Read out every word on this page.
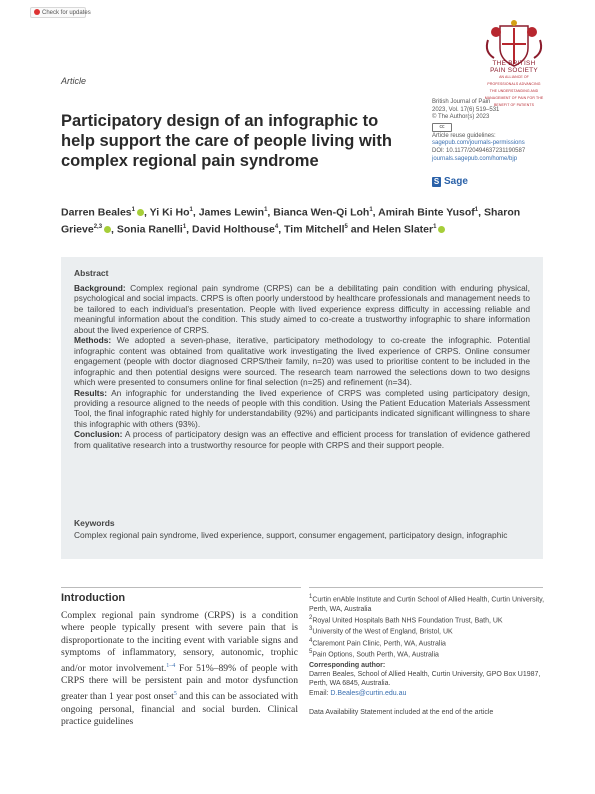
Check for updates
THE BRITISH
PAIN SOCIETY
AN ALLIANCE OF PROFESSIONALS ADVANCING THE UNDERSTANDING AND MANAGEMENT OF PAIN FOR THE BENEFIT OF PATIENTS
Article
Participatory design of an infographic to help support the care of people living with complex regional pain syndrome
British Journal of Pain
2023, Vol. 17(6) 519–531
© The Author(s) 2023
cc
Article reuse guidelines:
sagepub.com/journals-permissions
DOI: 10.1177/20494637231190587
journals.sagepub.com/home/bjp
S Sage
Darren Beales$^1$ , Yi Ki Ho$^1$, James Lewin$^1$, Bianca Wen-Qi Loh$^1$, Amirah Binte Yusof$^1$, Sharon Grieve$^{2,3}$ , Sonia Ranelli$^1$, David Holthouse$^4$, Tim Mitchell$^5$ and Helen Slater$^1$
Abstract

Background: Complex regional pain syndrome (CRPS) can be a debilitating pain condition with enduring physical, psychological and social impacts. CRPS is often poorly understood by healthcare professionals and management needs to be tailored to each individual’s presentation. People with lived experience express difficulty in accessing reliable and meaningful information about the condition. This study aimed to co-create a trustworthy infographic to share information about the lived experience of CRPS.

Methods: We adopted a seven-phase, iterative, participatory methodology to co-create the infographic. Potential infographic content was obtained from qualitative work investigating the lived experience of CRPS. Online consumer engagement (people with doctor diagnosed CRPS/their family, n=20) was used to prioritise content to be included in the infographic and then potential designs were sourced. The research team narrowed the selections down to two designs which were presented to consumers online for final selection (n=25) and refinement (n=34).

Results: An infographic for understanding the lived experience of CRPS was completed using participatory design, providing a resource aligned to the needs of people with this condition. Using the Patient Education Materials Assessment Tool, the final infographic rated highly for understandability (92%) and participants indicated significant willingness to share this infographic with others (93%).

Conclusion: A process of participatory design was an effective and efficient process for translation of evidence gathered from qualitative research into a trustworthy resource for people with CRPS and their support people.

Keywords
Complex regional pain syndrome, lived experience, support, consumer engagement, participatory design, infographic
Introduction
Complex regional pain syndrome (CRPS) is a condition where people typically present with severe pain that is disproportionate to the inciting event with variable signs and symptoms of inflammatory, sensory, autonomic, trophic and/or motor involvement.$^{1-4}$ For 51%–89% of people with CRPS there will be persistent pain and motor dysfunction greater than 1 year post onset$^5$ and this can be associated with ongoing personal, financial and social burden. Clinical practice guidelines

$^1$Curtin enAble Institute and Curtin School of Allied Health, Curtin University, Perth, WA, Australia

$^2$Royal United Hospitals Bath NHS Foundation Trust, Bath, UK

$^3$University of the West of England, Bristol, UK

$^4$Claremont Pain Clinic, Perth, WA, Australia

$^5$Pain Options, South Perth, WA, Australia

Corresponding author:

Darren Beales, School of Allied Health, Curtin University, GPO Box U1987, Perth, WA 6845, Australia.

Email: D.Beales@curtin.edu.au

Data Availability Statement included at the end of the article
